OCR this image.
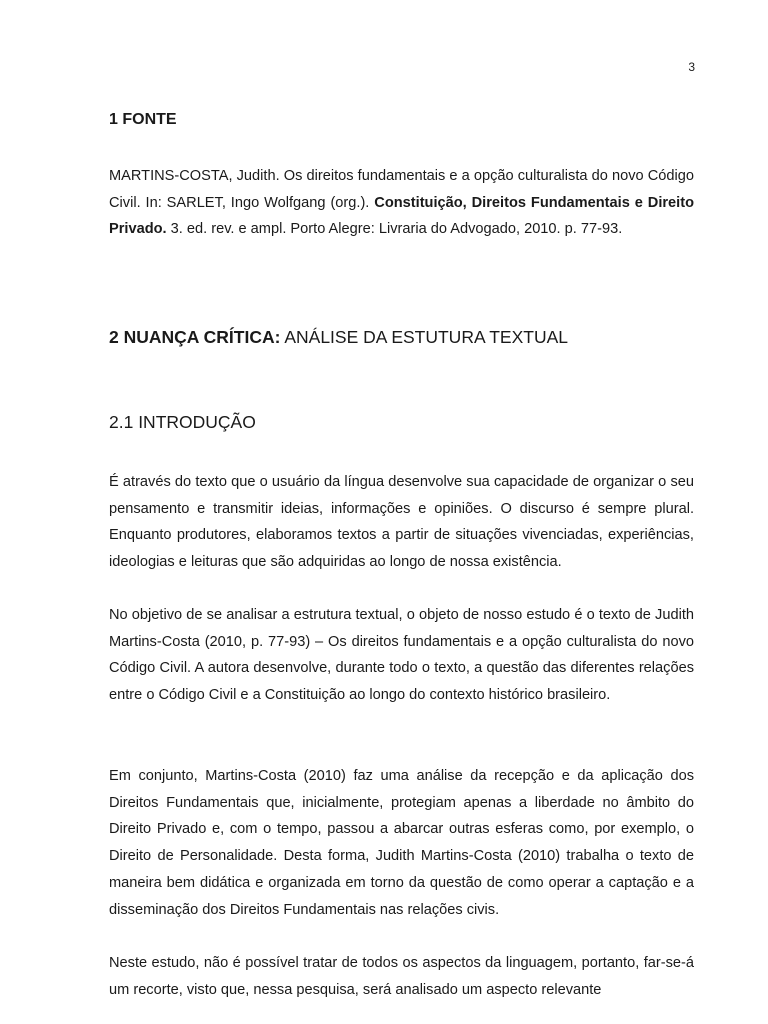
3
1 FONTE

MARTINS-COSTA, Judith. Os direitos fundamentais e a opção culturalista do novo Código Civil. In: SARLET, Ingo Wolfgang (org.). Constituição, Direitos Fundamentais e Direito Privado. 3. ed. rev. e ampl. Porto Alegre: Livraria do Advogado, 2010. p. 77-93.

2 NUANÇA CRÍTICA: ANÁLISE DA ESTUTURA TEXTUAL
2.1 INTRODUÇÃO

É através do texto que o usuário da língua desenvolve sua capacidade de organizar o seu pensamento e transmitir ideias, informações e opiniões. O discurso é sempre plural. Enquanto produtores, elaboramos textos a partir de situações vivenciadas, experiências, ideologias e leituras que são adquiridas ao longo de nossa existência.

No objetivo de se analisar a estrutura textual, o objeto de nosso estudo é o texto de Judith Martins-Costa (2010, p. 77-93) – Os direitos fundamentais e a opção culturalista do novo Código Civil. A autora desenvolve, durante todo o texto, a questão das diferentes relações entre o Código Civil e a Constituição ao longo do contexto histórico brasileiro.

Em conjunto, Martins-Costa (2010) faz uma análise da recepção e da aplicação dos Direitos Fundamentais que, inicialmente, protegiam apenas a liberdade no âmbito do Direito Privado e, com o tempo, passou a abarcar outras esferas como, por exemplo, o Direito de Personalidade. Desta forma, Judith Martins-Costa (2010) trabalha o texto de maneira bem didática e organizada em torno da questão de como operar a captação e a disseminação dos Direitos Fundamentais nas relações civis.

Neste estudo, não é possível tratar de todos os aspectos da linguagem, portanto, far-se-á um recorte, visto que, nessa pesquisa, será analisado um aspecto relevante
